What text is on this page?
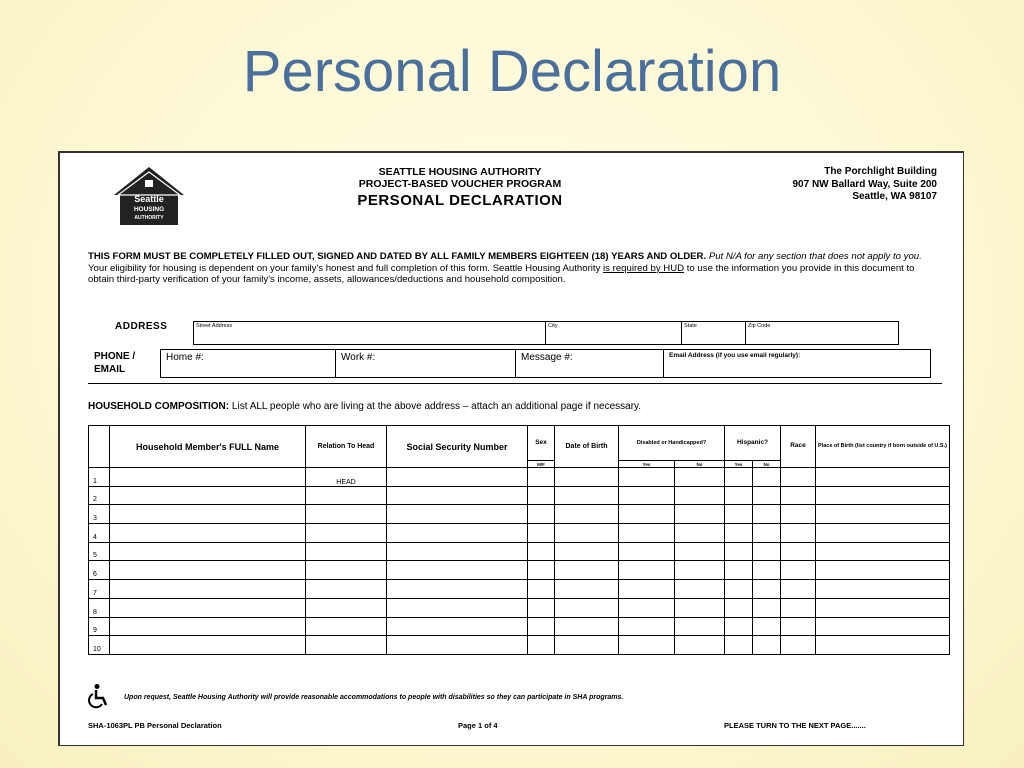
Personal Declaration
Seattle
HOUSING
AUTHORITY
SEATTLE HOUSING AUTHORITY
PROJECT-BASED VOUCHER PROGRAM
PERSONAL DECLARATION
The Porchlight Building
907 NW Ballard Way, Suite 200
Seattle, WA 98107
THIS FORM MUST BE COMPLETELY FILLED OUT, SIGNED AND DATED BY ALL FAMILY MEMBERS EIGHTEEN (18) YEARS AND OLDER. Put N/A for any section that does not apply to you. Your eligibility for housing is dependent on your family's honest and full completion of this form. Seattle Housing Authority is required by HUD to use the information you provide in this document to obtain third-party verification of your family's income, assets, allowances/deductions and household composition.
ADDRESS	Street Address	City	State	Zip Code
PHONE /
EMAIL
Home #:	Work #:	Message #:	Email Address (if you use email regularly):
HOUSEHOLD COMPOSITION: List ALL people who are living at the above address – attach an additional page if necessary.
	Household Member's FULL Name	Relation To Head	Social Security Number	Sex	Date of Birth	Disabled or Handicapped?		Hispanic?		Race	Place of Birth (list country if born outside of U.S.)
				M/F		Yes	No	Yes	No		
1		HEAD									
2											
3											
4											
5											
6											
7											
8											
9											
10											
Upon request, Seattle Housing Authority will provide reasonable accommodations to people with disabilities so they can participate in SHA programs.
SHA-1063PL PB Personal Declaration	Page 1 of 4	PLEASE TURN TO THE NEXT PAGE.......
